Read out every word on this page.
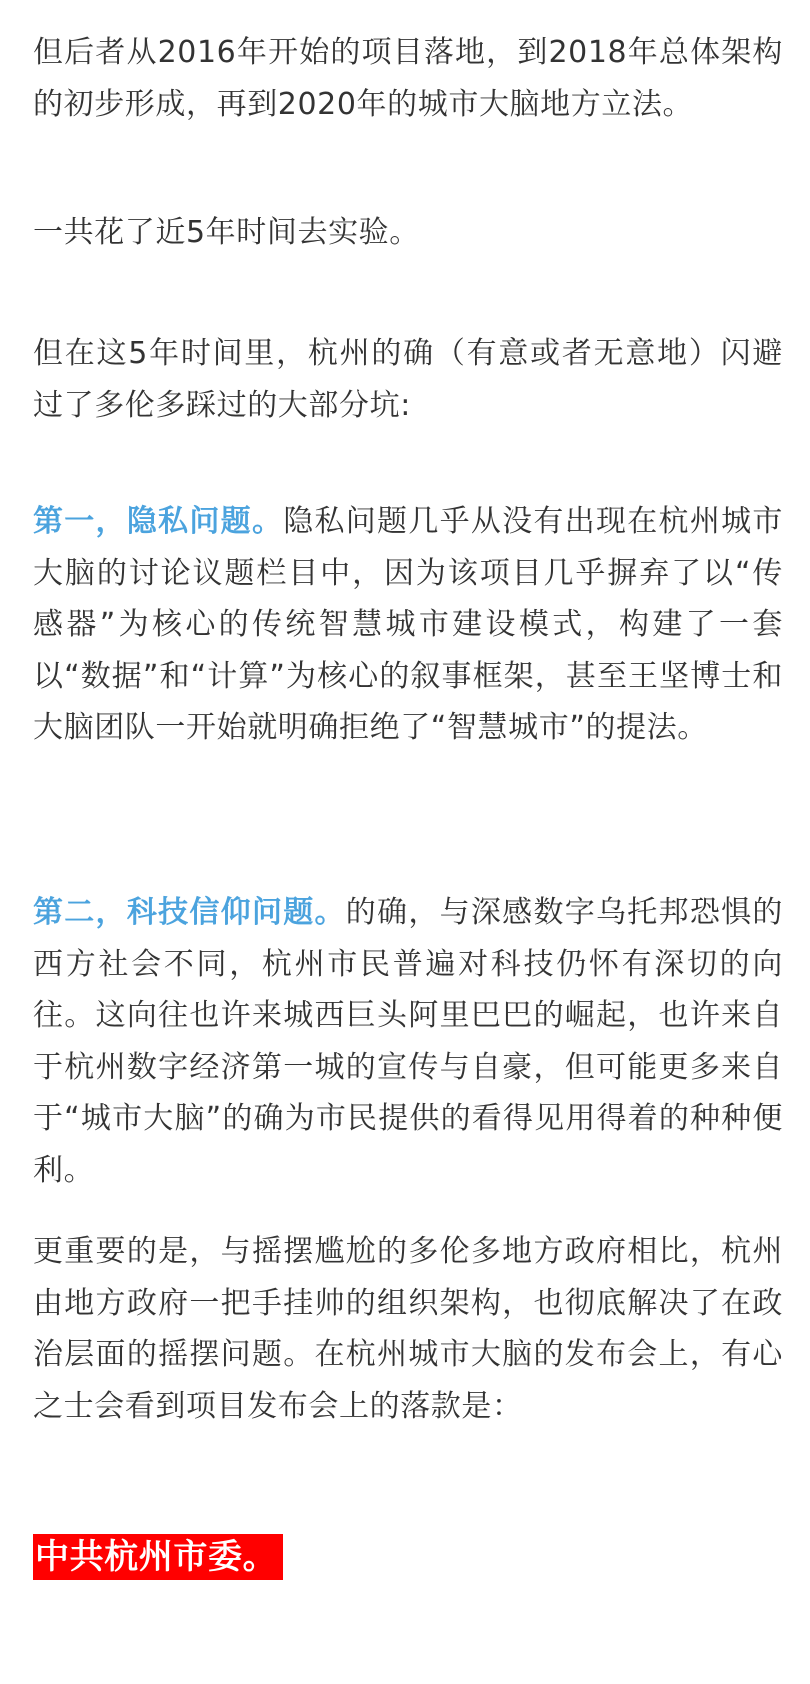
但后者从2016年开始的项目落地，到2018年总体架构的初步形成，再到2020年的城市大脑地方立法。

一共花了近5年时间去实验。

但在这5年时间里，杭州的确（有意或者无意地）闪避过了多伦多踩过的大部分坑:

第一，隐私问题。隐私问题几乎从没有出现在杭州城市大脑的讨论议题栏目中，因为该项目几乎摒弃了以“传感器”为核心的传统智慧城市建设模式，构建了一套以“数据”和“计算”为核心的叙事框架，甚至王坚博士和大脑团队一开始就明确拒绝了“智慧城市”的提法。

第二，科技信仰问题。的确，与深感数字乌托邦恐惧的西方社会不同，杭州市民普遍对科技仍怀有深切的向往。这向往也许来城西巨头阿里巴巴的崛起，也许来自于杭州数字经济第一城的宣传与自豪，但可能更多来自于“城市大脑”的确为市民提供的看得见用得着的种种便利。

更重要的是，与摇摆尴尬的多伦多地方政府相比，杭州由地方政府一把手挂帅的组织架构，也彻底解决了在政治层面的摇摆问题。在杭州城市大脑的发布会上，有心之士会看到项目发布会上的落款是：

中共杭州市委。
